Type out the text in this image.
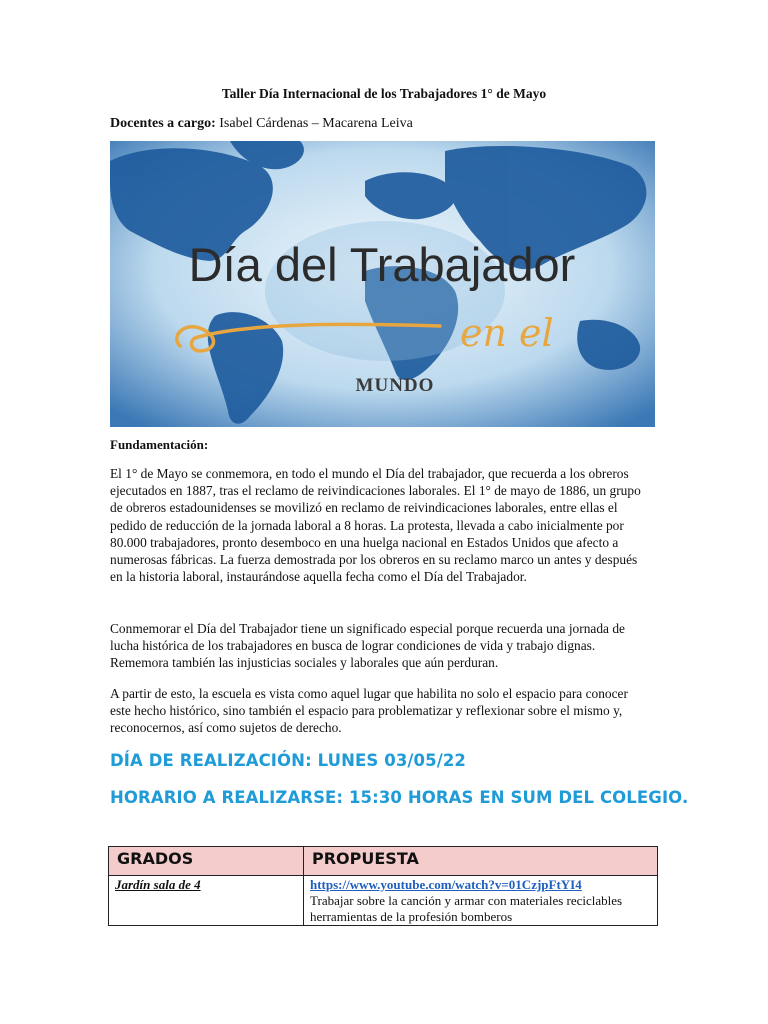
Taller Día Internacional de los Trabajadores 1° de Mayo
Docentes a cargo: Isabel Cárdenas – Macarena Leiva
Día del Trabajador
en el
MUNDO
Fundamentación:

El 1° de Mayo se conmemora, en todo el mundo el Día del trabajador, que recuerda a los obreros ejecutados en 1887, tras el reclamo de reivindicaciones laborales. El 1° de mayo de 1886, un grupo de obreros estadounidenses se movilizó en reclamo de reivindicaciones laborales, entre ellas el pedido de reducción de la jornada laboral a 8 horas. La protesta, llevada a cabo inicialmente por 80.000 trabajadores, pronto desemboco en una huelga nacional en Estados Unidos que afecto a numerosas fábricas. La fuerza demostrada por los obreros en su reclamo marco un antes y después en la historia laboral, instaurándose aquella fecha como el Día del Trabajador.

Conmemorar el Día del Trabajador tiene un significado especial porque recuerda una jornada de lucha histórica de los trabajadores en busca de lograr condiciones de vida y trabajo dignas. Rememora también las injusticias sociales y laborales que aún perduran.

A partir de esto, la escuela es vista como aquel lugar que habilita no solo el espacio para conocer este hecho histórico, sino también el espacio para problematizar y reflexionar sobre el mismo y, reconocernos, así como sujetos de derecho.

DÍA DE REALIZACIÓN: LUNES 03/05/22
HORARIO A REALIZARSE: 15:30 HORAS EN SUM DEL COLEGIO.
GRADOS	PROPUESTA
Jardín sala de 4	https://www.youtube.com/watch?v=01CzjpFtYI4
Trabajar sobre la canción y armar con materiales reciclables herramientas de la profesión bomberos
